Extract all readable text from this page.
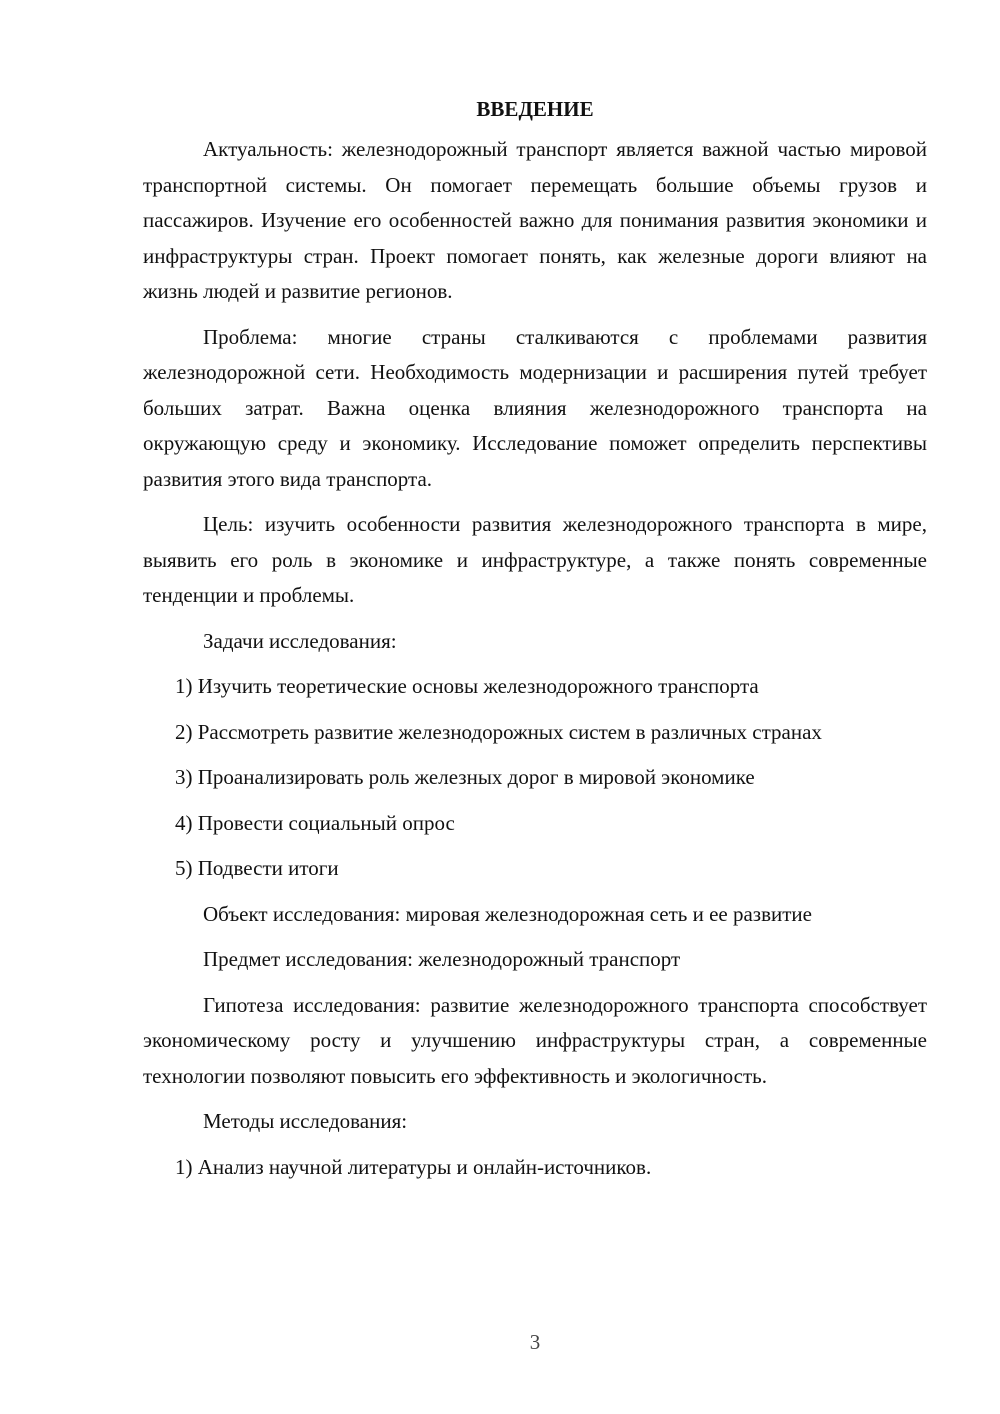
ВВЕДЕНИЕ

Актуальность: железнодорожный транспорт является важной частью мировой транспортной системы. Он помогает перемещать большие объемы грузов и пассажиров. Изучение его особенностей важно для понимания развития экономики и инфраструктуры стран. Проект помогает понять, как железные дороги влияют на жизнь людей и развитие регионов.

Проблема: многие страны сталкиваются с проблемами развития железнодорожной сети. Необходимость модернизации и расширения путей требует больших затрат. Важна оценка влияния железнодорожного транспорта на окружающую среду и экономику. Исследование поможет определить перспективы развития этого вида транспорта.

Цель: изучить особенности развития железнодорожного транспорта в мире, выявить его роль в экономике и инфраструктуре, а также понять современные тенденции и проблемы.

Задачи исследования:

1) Изучить теоретические основы железнодорожного транспорта

2) Рассмотреть развитие железнодорожных систем в различных странах

3) Проанализировать роль железных дорог в мировой экономике

4) Провести социальный опрос

5) Подвести итоги

Объект исследования: мировая железнодорожная сеть и ее развитие

Предмет исследования: железнодорожный транспорт

Гипотеза исследования: развитие железнодорожного транспорта способствует экономическому росту и улучшению инфраструктуры стран, а современные технологии позволяют повысить его эффективность и экологичность.

Методы исследования:

1) Анализ научной литературы и онлайн-источников.

3
